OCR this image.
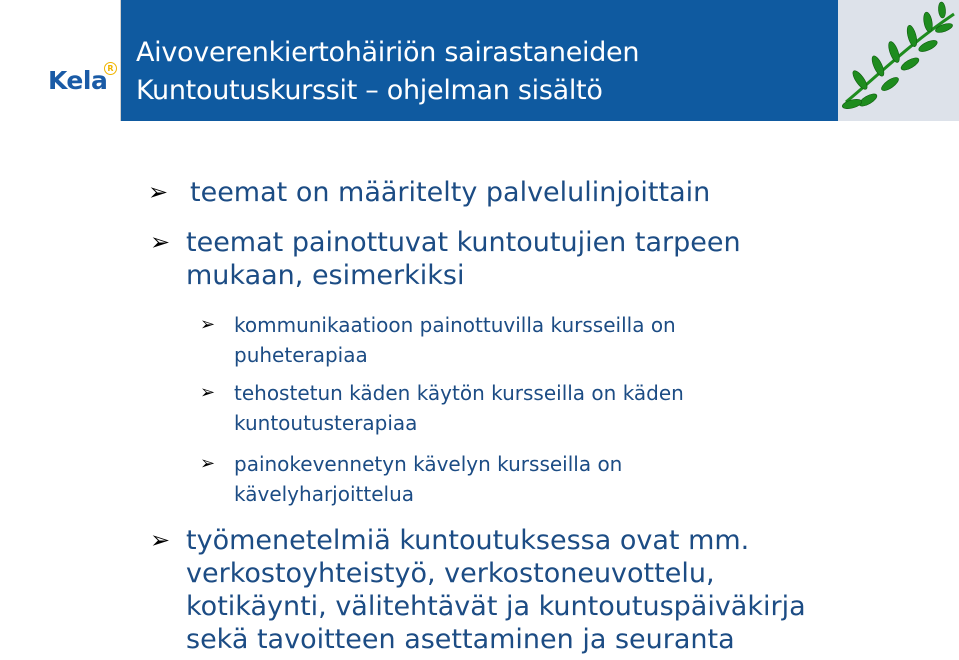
Kela R
Aivoverenkiertohäiriön sairastaneiden
Kuntoutuskurssit – ohjelman sisältö
➢ teemat on määritelty palvelulinjoittain
➢ teemat painottuvat kuntoutujien tarpeen
mukaan, esimerkiksi
➢ kommunikaatioon painottuvilla kursseilla on
puheterapiaa
➢ tehostetun käden käytön kursseilla on käden
kuntoutusterapiaa
➢ painokevennetyn kävelyn kursseilla on
kävelyharjoittelua
➢ työmenetelmiä kuntoutuksessa ovat mm.
verkostoyhteistyö, verkostoneuvottelu,
kotikäynti, välitehtävät ja kuntoutuspäiväkirja
sekä tavoitteen asettaminen ja seuranta
